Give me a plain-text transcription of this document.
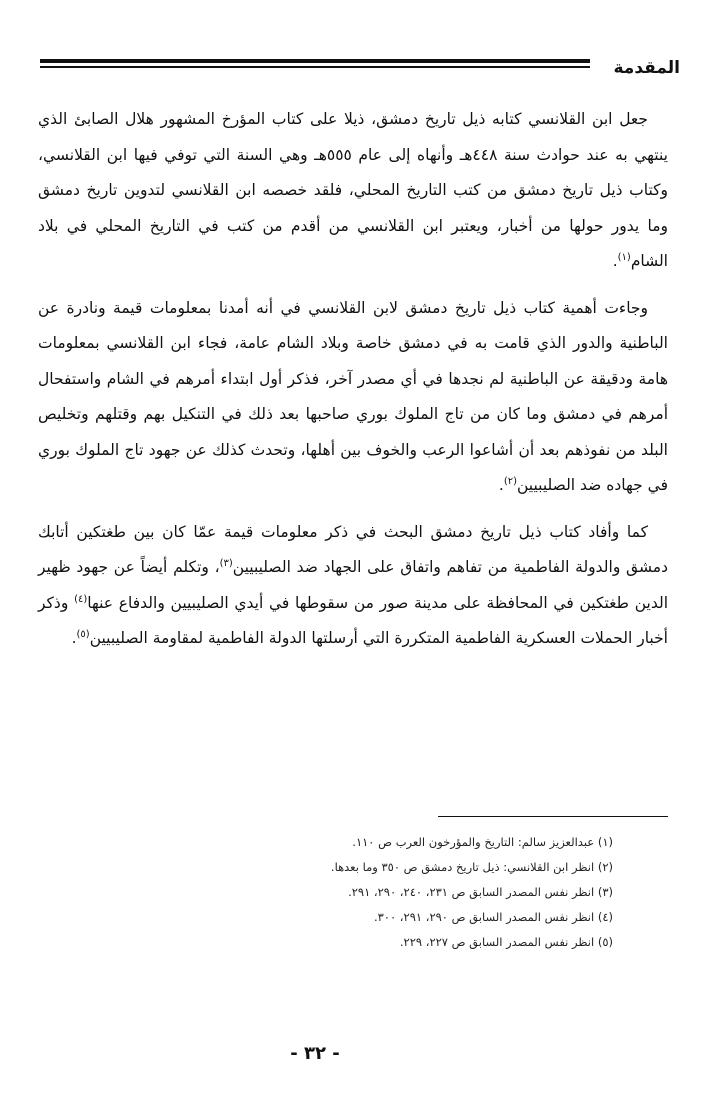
المقدمة

جعل ابن القلانسي كتابه ذيل تاريخ دمشق، ذيلا على كتاب المؤرخ المشهور هلال الصابئ الذي ينتهي به عند حوادث سنة ٤٤٨هـ وأنهاه إلى عام ٥٥٥هـ وهي السنة التي توفي فيها ابن القلانسي، وكتاب ذيل تاريخ دمشق من كتب التاريخ المحلي، فلقد خصصه ابن القلانسي لتدوين تاريخ دمشق وما يدور حولها من أخبار، ويعتبر ابن القلانسي من أقدم من كتب في التاريخ المحلي في بلاد الشام$^{(١)}$.

وجاءت أهمية كتاب ذيل تاريخ دمشق لابن القلانسي في أنه أمدنا بمعلومات قيمة ونادرة عن الباطنية والدور الذي قامت به في دمشق خاصة وبلاد الشام عامة، فجاء ابن القلانسي بمعلومات هامة ودقيقة عن الباطنية لم نجدها في أي مصدر آخر، فذكر أول ابتداء أمرهم في الشام واستفحال أمرهم في دمشق وما كان من تاج الملوك بوري صاحبها بعد ذلك في التنكيل بهم وقتلهم وتخليص البلد من نفوذهم بعد أن أشاعوا الرعب والخوف بين أهلها، وتحدث كذلك عن جهود تاج الملوك بوري في جهاده ضد الصليبيين$^{(٢)}$.

كما وأفاد كتاب ذيل تاريخ دمشق البحث في ذكر معلومات قيمة عمّا كان بين طغتكين أتابك دمشق والدولة الفاطمية من تفاهم واتفاق على الجهاد ضد الصليبيين$^{(٣)}$، وتكلم أيضاً عن جهود ظهير الدين طغتكين في المحافظة على مدينة صور من سقوطها في أيدي الصليبيين والدفاع عنها$^{(٤)}$ وذكر أخبار الحملات العسكرية الفاطمية المتكررة التي أرسلتها الدولة الفاطمية لمقاومة الصليبيين$^{(٥)}$.

(١) عبدالعزيز سالم: التاريخ والمؤرخون العرب ص ١١٠.
(٢) انظر ابن القلانسي: ذيل تاريخ دمشق ص ٣٥٠ وما بعدها.
(٣) انظر نفس المصدر السابق ص ٢٣١، ٢٤٠، ٢٩٠، ٢٩١.
(٤) انظر نفس المصدر السابق ص ٢٩٠، ٢٩١، ٣٠٠.
(٥) انظر نفس المصدر السابق ص ٢٢٧، ٢٢٩.
- ٣٢ -
